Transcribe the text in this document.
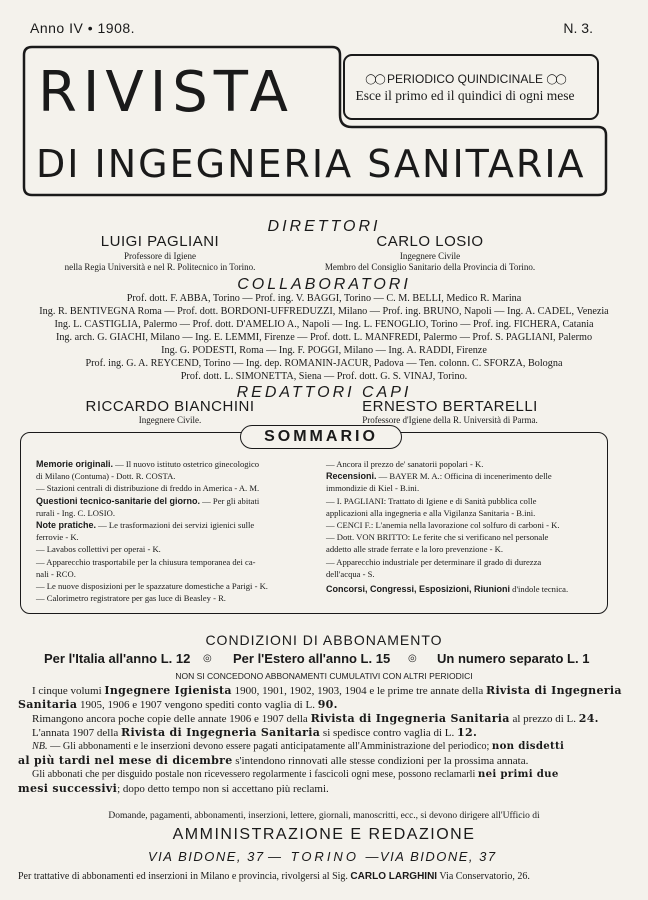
Anno IV • 1908.	N. 3.
RIVISTA
DI INGEGNERIA SANITARIA
◯◯ PERIODICO QUINDICINALE ◯◯
Esce il primo ed il quindici di ogni mese
DIRETTORI
LUIGI PAGLIANI
Professore di Igiene
nella Regia Università e nel R. Politecnico in Torino.
CARLO LOSIO
Ingegnere Civile
Membro del Consiglio Sanitario della Provincia di Torino.
COLLABORATORI
Prof. dott. F. ABBA, Torino — Prof. ing. V. BAGGI, Torino — C. M. BELLI, Medico R. Marina
Ing. R. BENTIVEGNA Roma — Prof. dott. BORDONI-UFFREDUZZI, Milano — Prof. ing. BRUNO, Napoli — Ing. A. CADEL, Venezia
Ing. L. CASTIGLIA, Palermo — Prof. dott. D'AMELIO A., Napoli — Ing. L. FENOGLIO, Torino — Prof. ing. FICHERA, Catania
Ing. arch. G. GIACHI, Milano — Ing. E. LEMMI, Firenze — Prof. dott. L. MANFREDI, Palermo — Prof. S. PAGLIANI, Palermo
Ing. G. PODESTI, Roma — Ing. F. POGGI, Milano — Ing. A. RADDI, Firenze
Prof. ing. G. A. REYCEND, Torino — Ing. dep. ROMANIN-JACUR, Padova — Ten. colonn. C. SFORZA, Bologna
Prof. dott. L. SIMONETTA, Siena — Prof. dott. G. S. VINAJ, Torino.
REDATTORI CAPI
RICCARDO BIANCHINI
Ingegnere Civile.
ERNESTO BERTARELLI
Professore d'Igiene della R. Università di Parma.
SOMMARIO
Memorie originali. — Il nuovo istituto ostetrico ginecologico
di Milano (Contuma) - Dott. R. COSTA.
— Stazioni centrali di distribuzione di freddo in America - A. M.
Questioni tecnico-sanitarie del giorno. — Per gli abitati
rurali - Ing. C. LOSIO.
Note pratiche. — Le trasformazioni dei servizi igienici sulle
ferrovie - K.
— Lavabos collettivi per operai - K.
— Apparecchio trasportabile per la chiusura temporanea dei ca-
nali - RCO.
— Le nuove disposizioni per le spazzature domestiche a Parigi - K.
— Calorimetro registratore per gas luce di Beasley - R.
— Ancora il prezzo de' sanatorii popolari - K.
Recensioni. — BAYER M. A.: Officina di incenerimento delle
immondizie di Kiel - B.ini.
— I. PAGLIANI: Trattato di Igiene e di Sanità pubblica colle
applicazioni alla ingegneria e alla Vigilanza Sanitaria - B.ini.
— CENCI F.: L'anemia nella lavorazione col solfuro di carboni - K.
— Dott. VON BRITTO: Le ferite che si verificano nel personale
addetto alle strade ferrate e la loro prevenzione - K.
— Apparecchio industriale per determinare il grado di durezza
dell'acqua - S.
Concorsi, Congressi, Esposizioni, Riunioni d'indole tecnica.
CONDIZIONI DI ABBONAMENTO
Per l'Italia all'anno L. 12 ◎ Per l'Estero all'anno L. 15 ◎ Un numero separato L. 1
NON SI CONCEDONO ABBONAMENTI CUMULATIVI CON ALTRI PERIODICI
I cinque volumi Ingegnere Igienista 1900, 1901, 1902, 1903, 1904 e le prime tre annate della Rivista di Ingegneria
Sanitaria 1905, 1906 e 1907 vengono spediti conto vaglia di L. 90.
Rimangono ancora poche copie delle annate 1906 e 1907 della Rivista di Ingegneria Sanitaria al prezzo di L. 24.
L'annata 1907 della Rivista di Ingegneria Sanitaria si spedisce contro vaglia di L. 12.
NB. — Gli abbonamenti e le inserzioni devono essere pagati anticipatamente all'Amministrazione del periodico; non disdetti
al più tardi nel mese di dicembre s'intendono rinnovati alle stesse condizioni per la prossima annata.
Gli abbonati che per disguido postale non ricevessero regolarmente i fascicoli ogni mese, possono reclamarli nei primi due
mesi successivi; dopo detto tempo non si accettano più reclami.
Domande, pagamenti, abbonamenti, inserzioni, lettere, giornali, manoscritti, ecc., si devono dirigere all'Ufficio di
AMMINISTRAZIONE E REDAZIONE
VIA BIDONE, 37 — TORINO —
VIA BIDONE, 37
Per trattative di abbonamenti ed inserzioni in Milano e provincia, rivolgersi al Sig. CARLO LARGHINI Via Conservatorio, 26.
